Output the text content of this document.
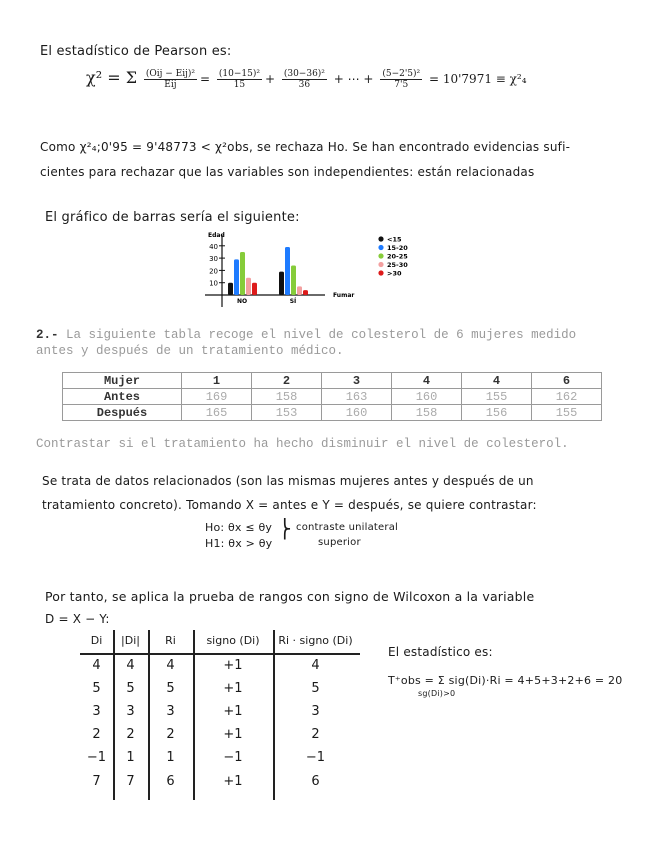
El estadístico de Pearson es:
χ² = Σ $\frac{\text{(Oij − Eij)²}}{\text{Eij}} = \frac{\text{(10−15)²}}{15} + \frac{\text{(30−36)²}}{36}$ + ⋯ + $\frac{\text{(5−2'5)²}}{7'5} = 10'7971 \equiv \chi^2_4$
Como χ²₄;0'95 = 9'48773 < χ²obs, se rechaza Ho. Se han encontrado evidencias sufi-
cientes para rechazar que las variables son independientes: están relacionadas
El gráfico de barras sería el siguiente:
Edad
Fumar
10
20
30
40
NO	SÍ
<15
15-20
20-25
25-30
>30
2.- La siguiente tabla recoge el nivel de colesterol de 6 mujeres medido
antes y después de un tratamiento médico.
Mujer	1	2	3	4	4	6
Antes	169	158	163	160	155	162
Después	165	153	160	158	156	155
Contrastar si el tratamiento ha hecho disminuir el nivel de colesterol.
Se trata de datos relacionados (son las mismas mujeres antes y después de un
tratamiento concreto). Tomando X = antes e Y = después, se quiere contrastar:
Ho: θx ≤ θy
H1: θx > θy
⎬ contraste unilateral
superior
Por tanto, se aplica la prueba de rangos con signo de Wilcoxon a la variable
D = X − Y:
Di	|Di|	Ri	signo (Di)	Ri · signo (Di)
4	4	4	+1	4
5	5	5	+1	5
3	3	3	+1	3
2	2	2	+1	2
−1	1	1	−1	−1
7	7	6	+1	6
El estadístico es:
T⁺obs = Σ sig(Di)·Ri = 4+5+3+2+6 = 20
sg(Di)>0
